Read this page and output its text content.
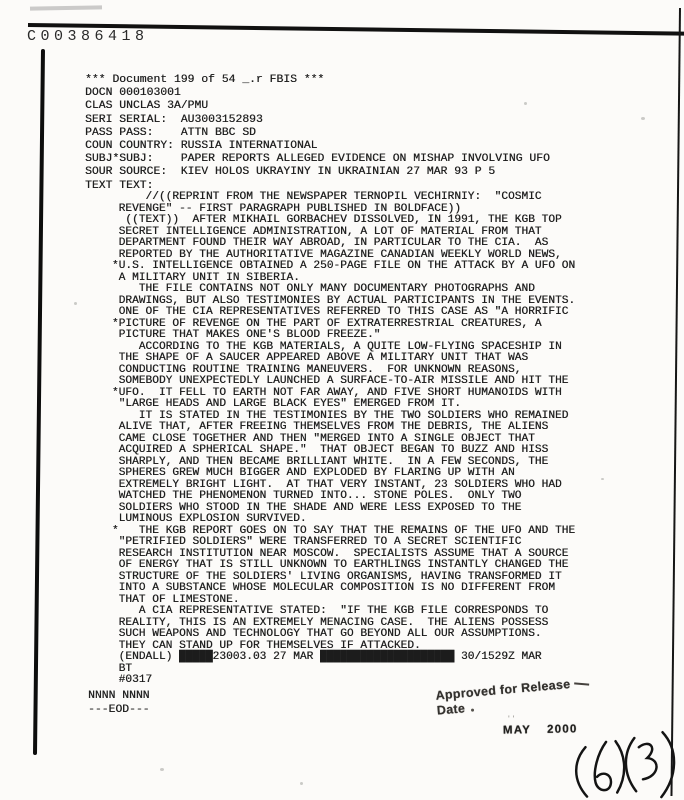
C00386418
*** Document 199 of 54 _.r FBIS ***
DOCN 000103001
CLAS UNCLAS 3A/PMU
SERI SERIAL:  AU3003152893
PASS PASS:    ATTN BBC SD
COUN COUNTRY: RUSSIA INTERNATIONAL
SUBJ*SUBJ:    PAPER REPORTS ALLEGED EVIDENCE ON MISHAP INVOLVING UFO
SOUR SOURCE:  KIEV HOLOS UKRAYINY IN UKRAINIAN 27 MAR 93 P 5
TEXT TEXT:
//((REPRINT FROM THE NEWSPAPER TERNOPIL VECHIRNIY:  "COSMIC
REVENGE" -- FIRST PARAGRAPH PUBLISHED IN BOLDFACE))
((TEXT))  AFTER MIKHAIL GORBACHEV DISSOLVED, IN 1991, THE KGB TOP
SECRET INTELLIGENCE ADMINISTRATION, A LOT OF MATERIAL FROM THAT
DEPARTMENT FOUND THEIR WAY ABROAD, IN PARTICULAR TO THE CIA.  AS
REPORTED BY THE AUTHORITATIVE MAGAZINE CANADIAN WEEKLY WORLD NEWS,
*U.S. INTELLIGENCE OBTAINED A 250-PAGE FILE ON THE ATTACK BY A UFO ON
A MILITARY UNIT IN SIBERIA.
THE FILE CONTAINS NOT ONLY MANY DOCUMENTARY PHOTOGRAPHS AND
DRAWINGS, BUT ALSO TESTIMONIES BY ACTUAL PARTICIPANTS IN THE EVENTS.
ONE OF THE CIA REPRESENTATIVES REFERRED TO THIS CASE AS "A HORRIFIC
*PICTURE OF REVENGE ON THE PART OF EXTRATERRESTRIAL CREATURES, A
PICTURE THAT MAKES ONE'S BLOOD FREEZE."
ACCORDING TO THE KGB MATERIALS, A QUITE LOW-FLYING SPACESHIP IN
THE SHAPE OF A SAUCER APPEARED ABOVE A MILITARY UNIT THAT WAS
CONDUCTING ROUTINE TRAINING MANEUVERS.  FOR UNKNOWN REASONS,
SOMEBODY UNEXPECTEDLY LAUNCHED A SURFACE-TO-AIR MISSILE AND HIT THE
*UFO.  IT FELL TO EARTH NOT FAR AWAY, AND FIVE SHORT HUMANOIDS WITH
"LARGE HEADS AND LARGE BLACK EYES" EMERGED FROM IT.
IT IS STATED IN THE TESTIMONIES BY THE TWO SOLDIERS WHO REMAINED
ALIVE THAT, AFTER FREEING THEMSELVES FROM THE DEBRIS, THE ALIENS
CAME CLOSE TOGETHER AND THEN "MERGED INTO A SINGLE OBJECT THAT
ACQUIRED A SPHERICAL SHAPE."  THAT OBJECT BEGAN TO BUZZ AND HISS
SHARPLY, AND THEN BECAME BRILLIANT WHITE.  IN A FEW SECONDS, THE
SPHERES GREW MUCH BIGGER AND EXPLODED BY FLARING UP WITH AN
EXTREMELY BRIGHT LIGHT.  AT THAT VERY INSTANT, 23 SOLDIERS WHO HAD
WATCHED THE PHENOMENON TURNED INTO... STONE POLES.  ONLY TWO
SOLDIERS WHO STOOD IN THE SHADE AND WERE LESS EXPOSED TO THE
LUMINOUS EXPLOSION SURVIVED.
*   THE KGB REPORT GOES ON TO SAY THAT THE REMAINS OF THE UFO AND THE
"PETRIFIED SOLDIERS" WERE TRANSFERRED TO A SECRET SCIENTIFIC
RESEARCH INSTITUTION NEAR MOSCOW.  SPECIALISTS ASSUME THAT A SOURCE
OF ENERGY THAT IS STILL UNKNOWN TO EARTHLINGS INSTANTLY CHANGED THE
STRUCTURE OF THE SOLDIERS' LIVING ORGANISMS, HAVING TRANSFORMED IT
INTO A SUBSTANCE WHOSE MOLECULAR COMPOSITION IS NO DIFFERENT FROM
THAT OF LIMESTONE.
A CIA REPRESENTATIVE STATED:  "IF THE KGB FILE CORRESPONDS TO
REALITY, THIS IS AN EXTREMELY MENACING CASE.  THE ALIENS POSSESS
SUCH WEAPONS AND TECHNOLOGY THAT GO BEYOND ALL OUR ASSUMPTIONS.
THEY CAN STAND UP FOR THEMSELVES IF ATTACKED.
(ENDALL) █████23003.03 27 MAR ████████████████████ 30/1529Z MAR
BT
#0317
NNNN NNNN
---EOD---
Approved for Release
Date
''
MAY 2000
